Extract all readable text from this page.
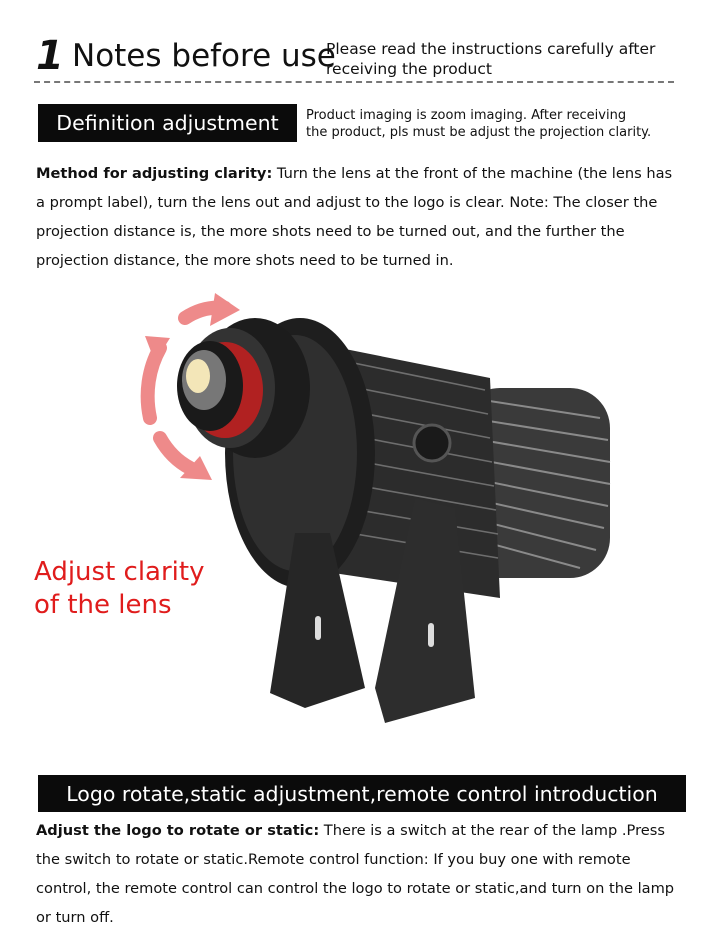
1 Notes before use
Please read the instructions carefully after
receiving the product
Definition adjustment	Product imaging is zoom imaging. After receiving
the product, pls must be adjust the projection clarity.
Method for adjusting clarity: Turn the lens at the front of the machine (the lens has a prompt label), turn the lens out and adjust to the logo is clear. Note: The closer the projection distance is, the more shots need to be turned out, and the further the projection distance, the more shots need to be turned in.
Adjust clarity
of the lens
Logo rotate,static adjustment,remote control introduction
Adjust the logo to rotate or static: There is a switch at the rear of the lamp .Press the switch to rotate or static.Remote control function: If you buy one with remote control, the remote control can control the logo to rotate or static,and turn on the lamp or turn off.
